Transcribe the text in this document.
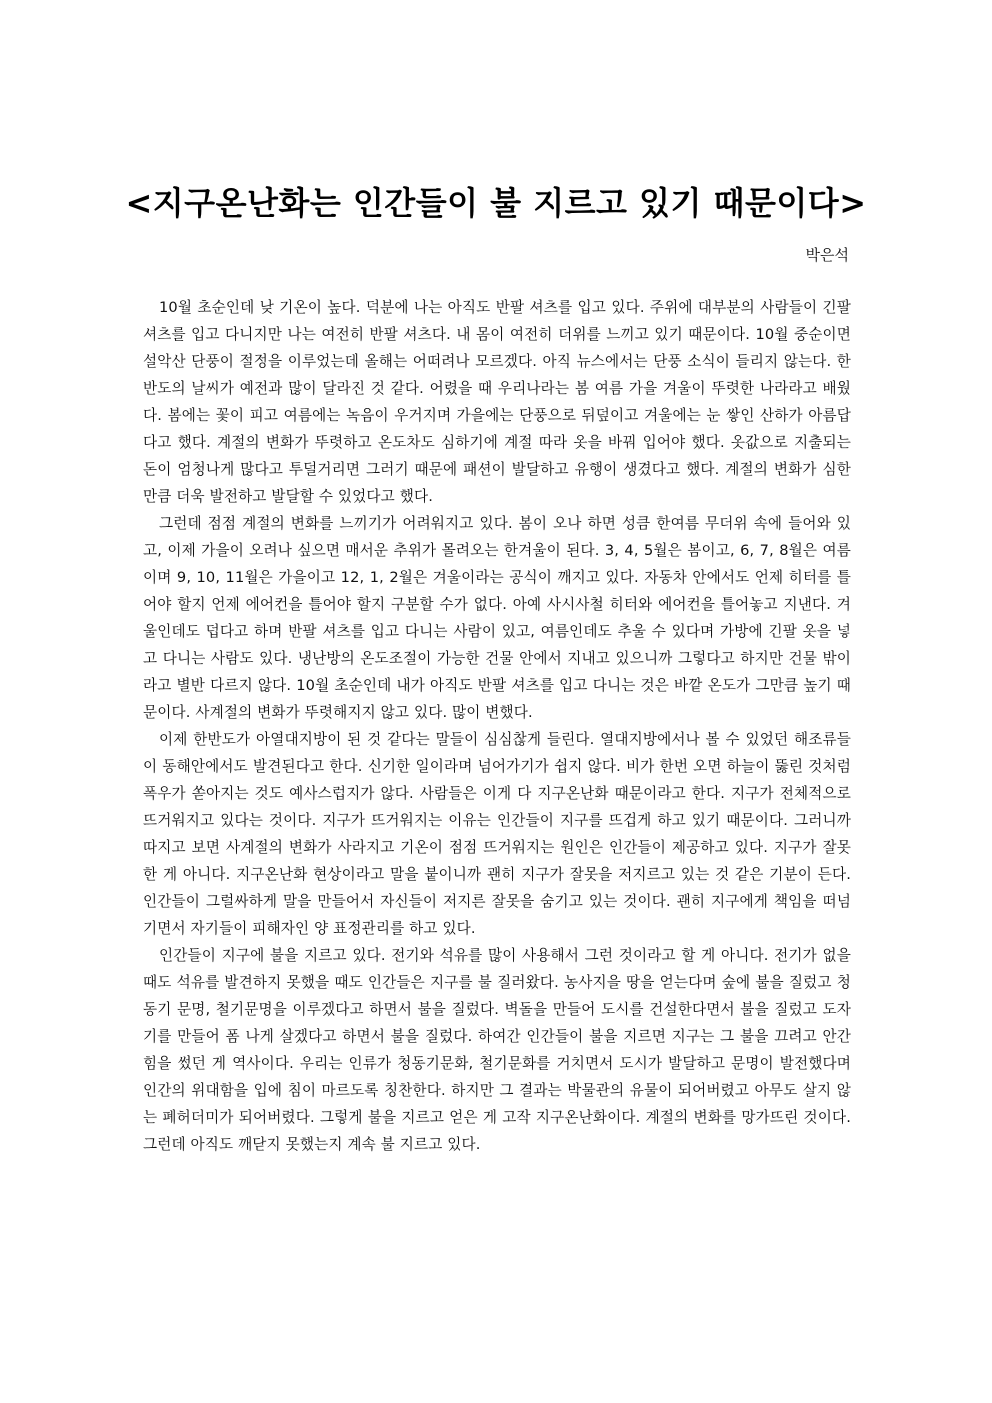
<지구온난화는 인간들이 불 지르고 있기 때문이다>
박은석

10월 초순인데 낮 기온이 높다. 덕분에 나는 아직도 반팔 셔츠를 입고 있다. 주위에 대부분의 사람들이 긴팔 셔츠를 입고 다니지만 나는 여전히 반팔 셔츠다. 내 몸이 여전히 더위를 느끼고 있기 때문이다. 10월 중순이면 설악산 단풍이 절정을 이루었는데 올해는 어떠려나 모르겠다. 아직 뉴스에서는 단풍 소식이 들리지 않는다. 한반도의 날씨가 예전과 많이 달라진 것 같다. 어렸을 때 우리나라는 봄 여름 가을 겨울이 뚜렷한 나라라고 배웠다. 봄에는 꽃이 피고 여름에는 녹음이 우거지며 가을에는 단풍으로 뒤덮이고 겨울에는 눈 쌓인 산하가 아름답다고 했다. 계절의 변화가 뚜렷하고 온도차도 심하기에 계절 따라 옷을 바꿔 입어야 했다. 옷값으로 지출되는 돈이 엄청나게 많다고 투덜거리면 그러기 때문에 패션이 발달하고 유행이 생겼다고 했다. 계절의 변화가 심한 만큼 더욱 발전하고 발달할 수 있었다고 했다.

그런데 점점 계절의 변화를 느끼기가 어려워지고 있다. 봄이 오나 하면 성큼 한여름 무더위 속에 들어와 있고, 이제 가을이 오려나 싶으면 매서운 추위가 몰려오는 한겨울이 된다. 3, 4, 5월은 봄이고, 6, 7, 8월은 여름이며 9, 10, 11월은 가을이고 12, 1, 2월은 겨울이라는 공식이 깨지고 있다. 자동차 안에서도 언제 히터를 틀어야 할지 언제 에어컨을 틀어야 할지 구분할 수가 없다. 아예 사시사철 히터와 에어컨을 틀어놓고 지낸다. 겨울인데도 덥다고 하며 반팔 셔츠를 입고 다니는 사람이 있고, 여름인데도 추울 수 있다며 가방에 긴팔 옷을 넣고 다니는 사람도 있다. 냉난방의 온도조절이 가능한 건물 안에서 지내고 있으니까 그렇다고 하지만 건물 밖이라고 별반 다르지 않다. 10월 초순인데 내가 아직도 반팔 셔츠를 입고 다니는 것은 바깥 온도가 그만큼 높기 때문이다. 사계절의 변화가 뚜렷해지지 않고 있다. 많이 변했다.

이제 한반도가 아열대지방이 된 것 같다는 말들이 심심찮게 들린다. 열대지방에서나 볼 수 있었던 해조류들이 동해안에서도 발견된다고 한다. 신기한 일이라며 넘어가기가 쉽지 않다. 비가 한번 오면 하늘이 뚫린 것처럼 폭우가 쏟아지는 것도 예사스럽지가 않다. 사람들은 이게 다 지구온난화 때문이라고 한다. 지구가 전체적으로 뜨거워지고 있다는 것이다. 지구가 뜨거워지는 이유는 인간들이 지구를 뜨겁게 하고 있기 때문이다. 그러니까 따지고 보면 사계절의 변화가 사라지고 기온이 점점 뜨거워지는 원인은 인간들이 제공하고 있다. 지구가 잘못한 게 아니다. 지구온난화 현상이라고 말을 붙이니까 괜히 지구가 잘못을 저지르고 있는 것 같은 기분이 든다. 인간들이 그럴싸하게 말을 만들어서 자신들이 저지른 잘못을 숨기고 있는 것이다. 괜히 지구에게 책임을 떠넘기면서 자기들이 피해자인 양 표정관리를 하고 있다.

인간들이 지구에 불을 지르고 있다. 전기와 석유를 많이 사용해서 그런 것이라고 할 게 아니다. 전기가 없을 때도 석유를 발견하지 못했을 때도 인간들은 지구를 불 질러왔다. 농사지을 땅을 얻는다며 숲에 불을 질렀고 청동기 문명, 철기문명을 이루겠다고 하면서 불을 질렀다. 벽돌을 만들어 도시를 건설한다면서 불을 질렀고 도자기를 만들어 폼 나게 살겠다고 하면서 불을 질렀다. 하여간 인간들이 불을 지르면 지구는 그 불을 끄려고 안간힘을 썼던 게 역사이다. 우리는 인류가 청동기문화, 철기문화를 거치면서 도시가 발달하고 문명이 발전했다며 인간의 위대함을 입에 침이 마르도록 칭찬한다. 하지만 그 결과는 박물관의 유물이 되어버렸고 아무도 살지 않는 폐허더미가 되어버렸다. 그렇게 불을 지르고 얻은 게 고작 지구온난화이다. 계절의 변화를 망가뜨린 것이다. 그런데 아직도 깨닫지 못했는지 계속 불 지르고 있다.
